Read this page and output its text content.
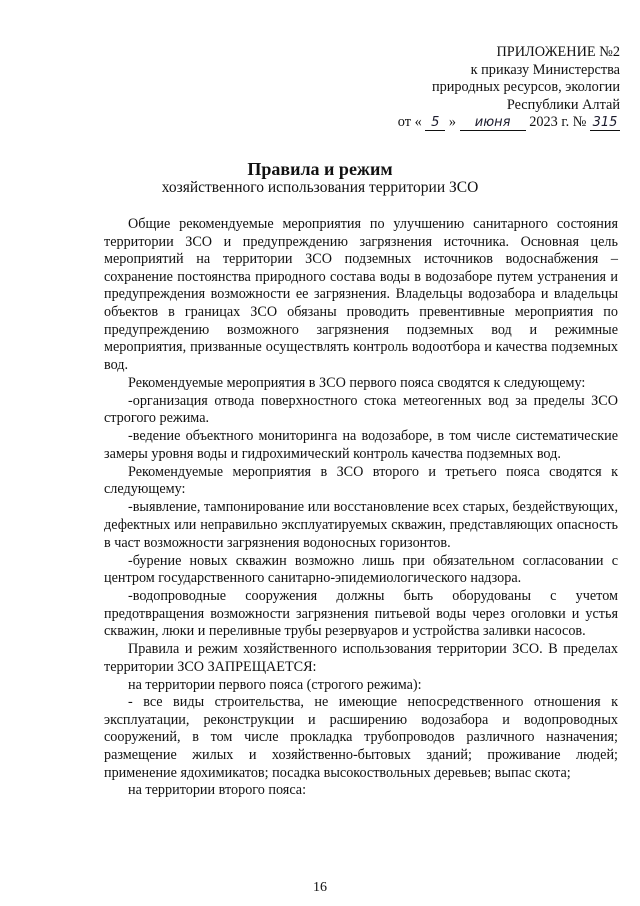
ПРИЛОЖЕНИЕ №2
к приказу Министерства
природных ресурсов, экологии
Республики Алтай
от « 5 » июня 2023 г. № 315
Правила и режим
хозяйственного использования территории ЗСО

Общие рекомендуемые мероприятия по улучшению санитарного состояния территории ЗСО и предупреждению загрязнения источника. Основная цель мероприятий на территории ЗСО подземных источников водоснабжения – сохранение постоянства природного состава воды в водозаборе путем устранения и предупреждения возможности ее загрязнения. Владельцы водозабора и владельцы объектов в границах ЗСО обязаны проводить превентивные мероприятия по предупреждению возможного загрязнения подземных вод и режимные мероприятия, призванные осуществлять контроль водоотбора и качества подземных вод.

Рекомендуемые мероприятия в ЗСО первого пояса сводятся к следующему:

-организация отвода поверхностного стока метеогенных вод за пределы ЗСО строгого режима.

-ведение объектного мониторинга на водозаборе, в том числе систематические замеры уровня воды и гидрохимический контроль качества подземных вод.

Рекомендуемые мероприятия в ЗСО второго и третьего пояса сводятся к следующему:

-выявление, тампонирование или восстановление всех старых, бездействующих, дефектных или неправильно эксплуатируемых скважин, представляющих опасность в част возможности загрязнения водоносных горизонтов.

-бурение новых скважин возможно лишь при обязательном согласовании с центром государственного санитарно-эпидемиологического надзора.

-водопроводные сооружения должны быть оборудованы с учетом предотвращения возможности загрязнения питьевой воды через оголовки и устья скважин, люки и переливные трубы резервуаров и устройства заливки насосов.

Правила и режим хозяйственного использования территории ЗСО. В пределах территории ЗСО ЗАПРЕЩАЕТСЯ:

на территории первого пояса (строгого режима):

- все виды строительства, не имеющие непосредственного отношения к эксплуатации, реконструкции и расширению водозабора и водопроводных сооружений, в том числе прокладка трубопроводов различного назначения; размещение жилых и хозяйственно-бытовых зданий; проживание людей; применение ядохимикатов; посадка высокоствольных деревьев; выпас скота;

на территории второго пояса:

16
